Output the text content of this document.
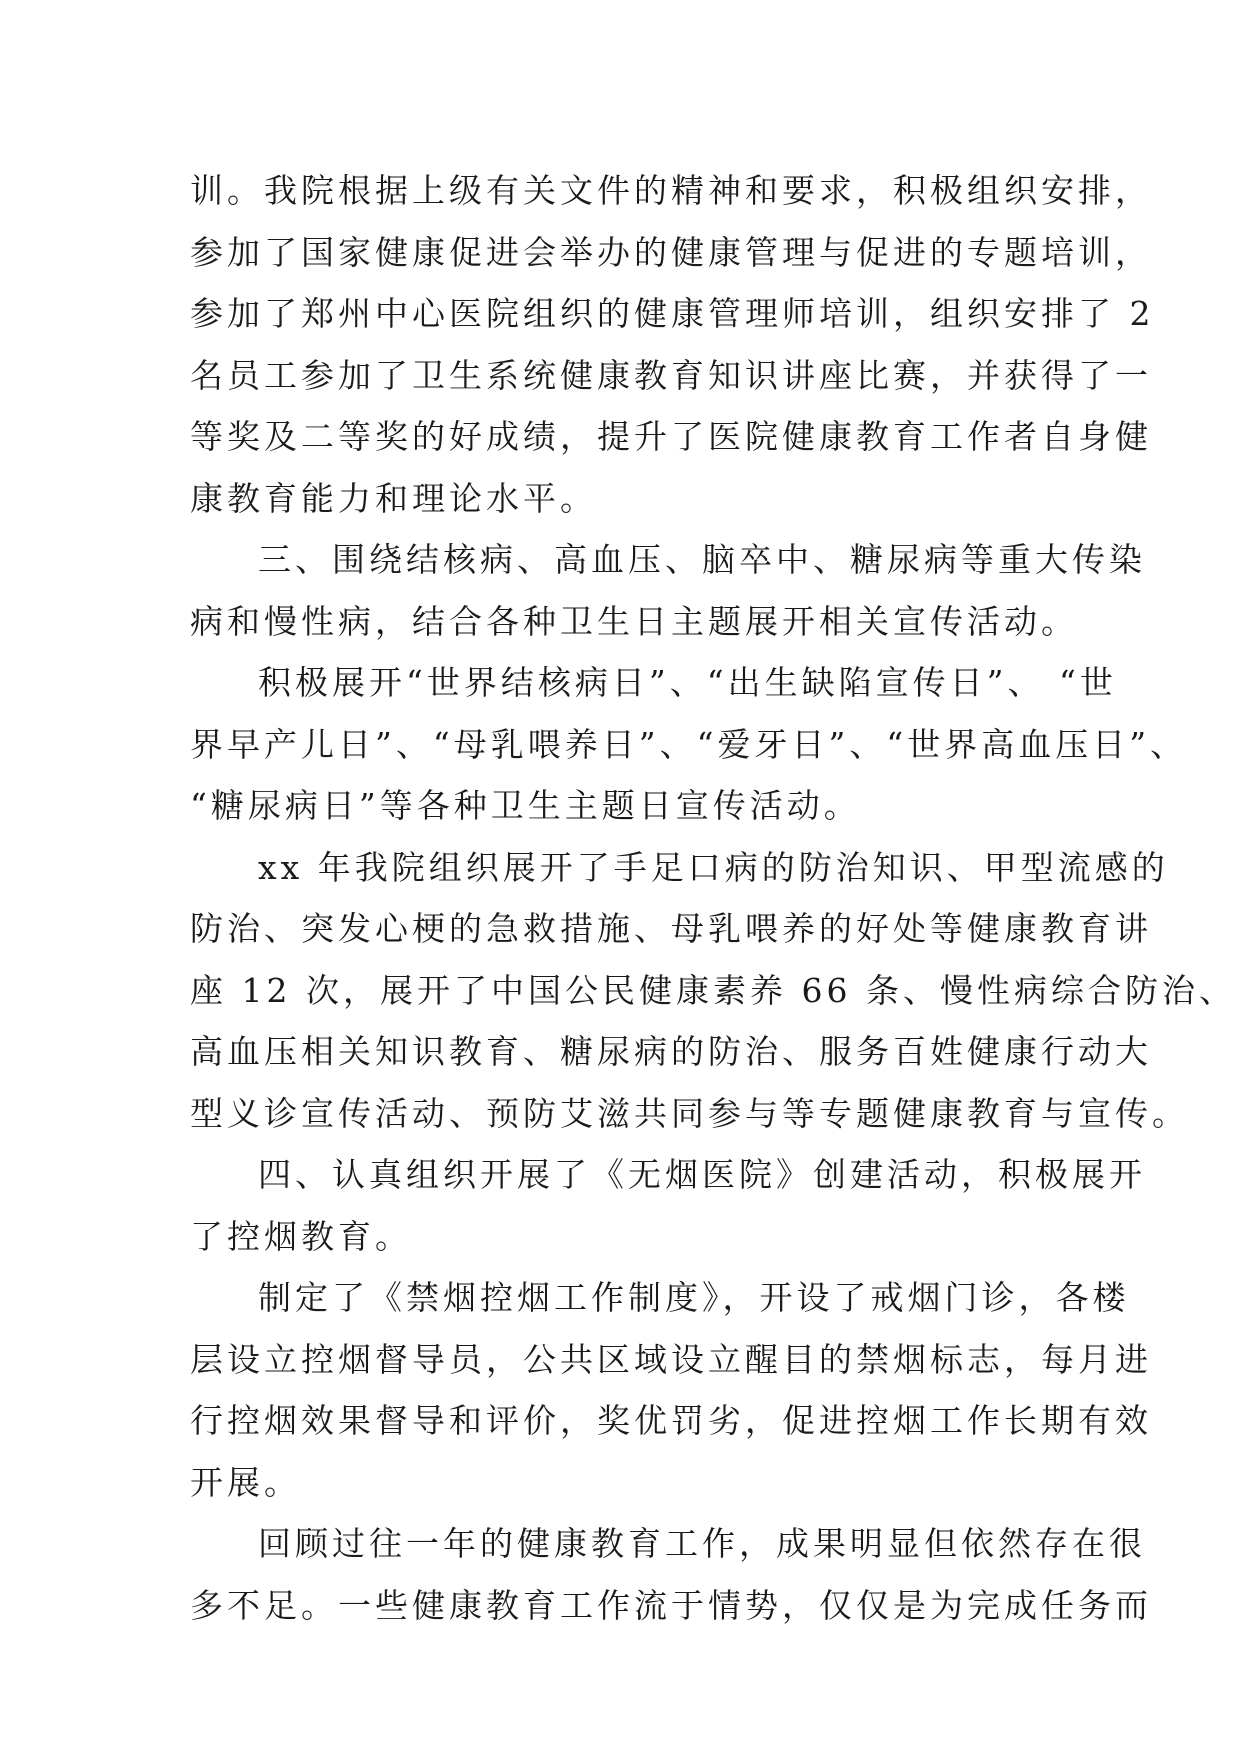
训。我院根据上级有关文件的精神和要求，积极组织安排，
参加了国家健康促进会举办的健康管理与促进的专题培训，
参加了郑州中心医院组织的健康管理师培训，组织安排了 2
名员工参加了卫生系统健康教育知识讲座比赛，并获得了一
等奖及二等奖的好成绩，提升了医院健康教育工作者自身健
康教育能力和理论水平。
三、围绕结核病、高血压、脑卒中、糖尿病等重大传染
病和慢性病，结合各种卫生日主题展开相关宣传活动。
积极展开“世界结核病日”、“出生缺陷宣传日”、 “世
界早产儿日”、“母乳喂养日”、“爱牙日”、“世界高血压日”、
“糖尿病日”等各种卫生主题日宣传活动。
xx 年我院组织展开了手足口病的防治知识、甲型流感的
防治、突发心梗的急救措施、母乳喂养的好处等健康教育讲
座 12 次，展开了中国公民健康素养 66 条、慢性病综合防治、
高血压相关知识教育、糖尿病的防治、服务百姓健康行动大
型义诊宣传活动、预防艾滋共同参与等专题健康教育与宣传。
四、认真组织开展了《无烟医院》创建活动，积极展开
了控烟教育。
制定了《禁烟控烟工作制度》，开设了戒烟门诊，各楼
层设立控烟督导员，公共区域设立醒目的禁烟标志，每月进
行控烟效果督导和评价，奖优罚劣，促进控烟工作长期有效
开展。
回顾过往一年的健康教育工作，成果明显但依然存在很
多不足。一些健康教育工作流于情势，仅仅是为完成任务而
